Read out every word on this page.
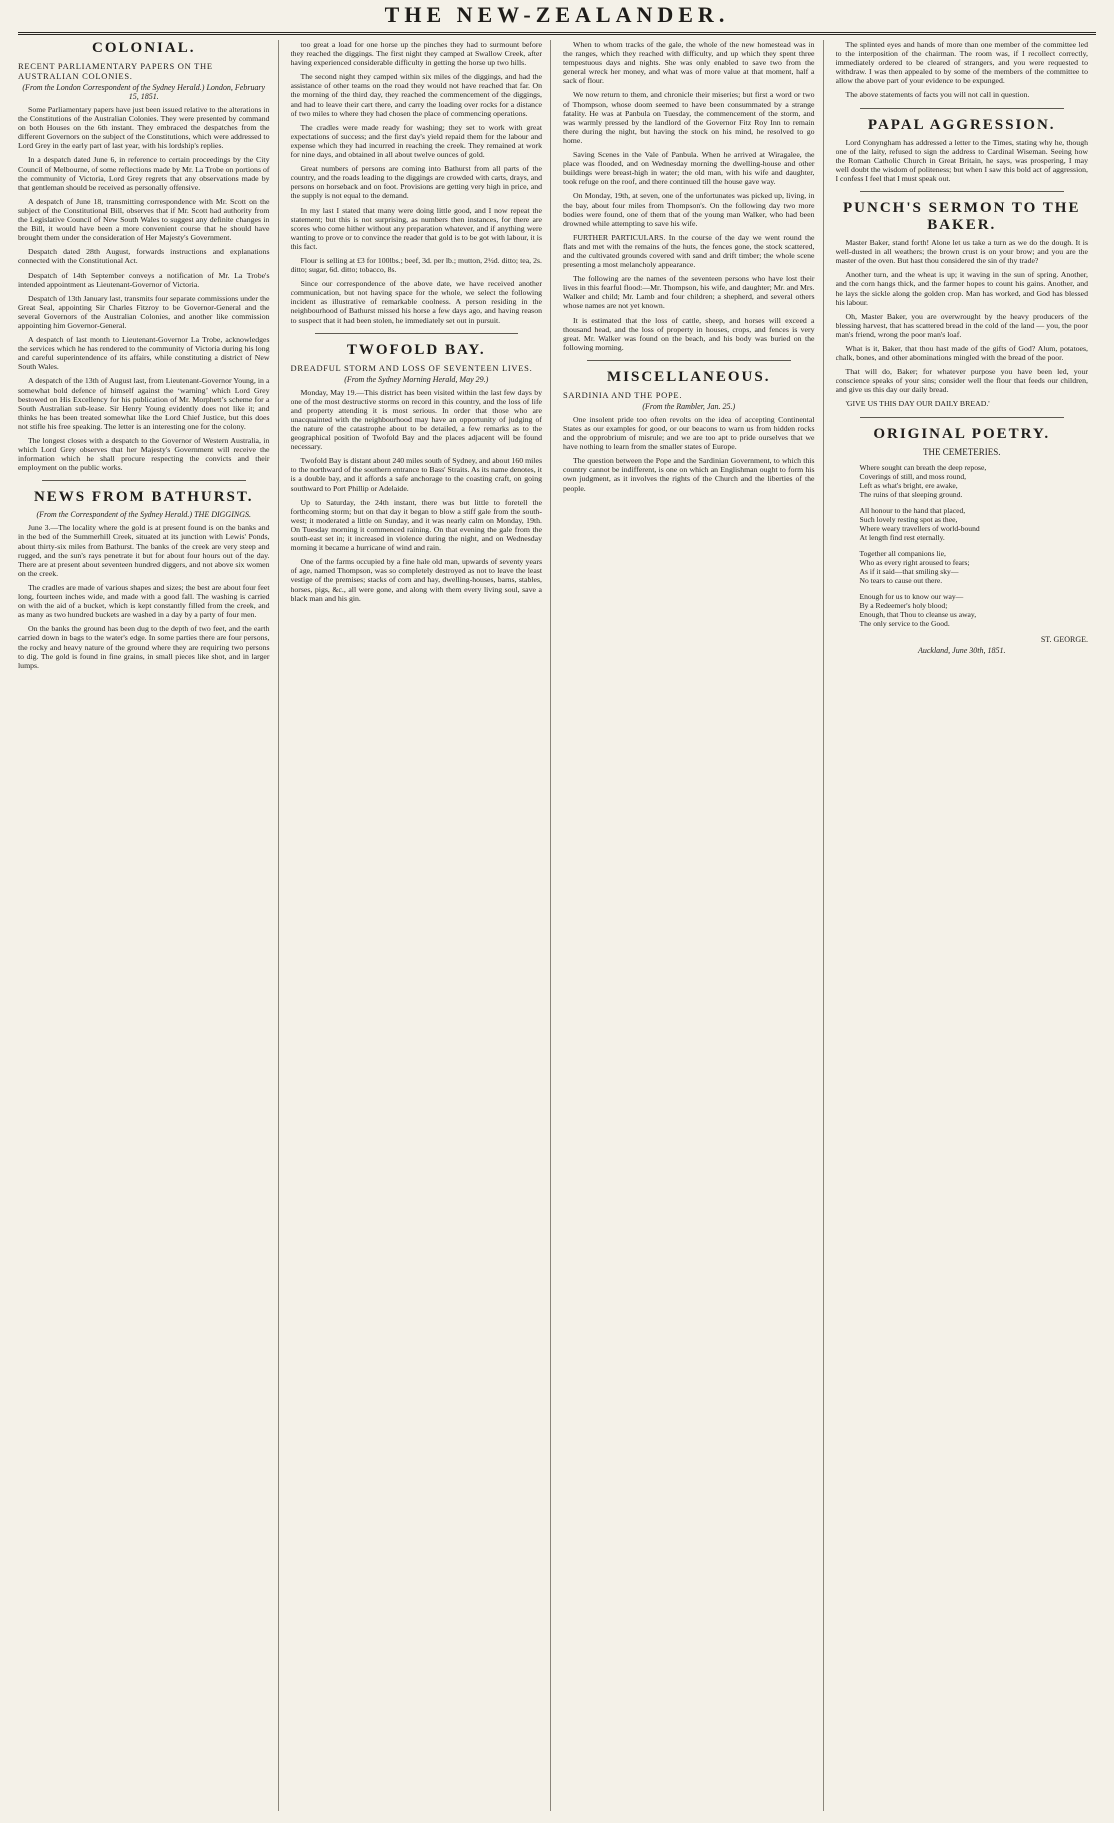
THE NEW-ZEALANDER.
COLONIAL.
RECENT PARLIAMENTARY PAPERS ON THE AUSTRALIAN COLONIES.
(From the London Correspondent of the Sydney Herald.) London, February 15, 1851.

Some Parliamentary papers have just been issued relative to the alterations in the Constitutions of the Australian Colonies. They were presented by command on both Houses on the 6th instant. They embraced the despatches from the different Governors on the subject of the Constitutions, which were addressed to Lord Grey in the early part of last year, with his lordship's replies.

In a despatch dated June 6, in reference to certain proceedings by the City Council of Melbourne, of some reflections made by Mr. La Trobe on portions of the community of Victoria, Lord Grey regrets that any observations made by that gentleman should be received as personally offensive.

A despatch of June 18, transmitting correspondence with Mr. Scott on the subject of the Constitutional Bill, observes that if Mr. Scott had authority from the Legislative Council of New South Wales to suggest any definite changes in the Bill, it would have been a more convenient course that he should have brought them under the consideration of Her Majesty's Government.

Despatch dated 28th August, forwards instructions and explanations connected with the Constitutional Act.

Despatch of 14th September conveys a notification of Mr. La Trobe's intended appointment as Lieutenant-Governor of Victoria.

Despatch of 13th January last, transmits four separate commissions under the Great Seal, appointing Sir Charles Fitzroy to be Governor-General and the several Governors of the Australian Colonies, and another like commission appointing him Governor-General.

A despatch of last month to Lieutenant-Governor La Trobe, acknowledges the services which he has rendered to the community of Victoria during his long and careful superintendence of its affairs, while constituting a district of New South Wales.

A despatch of the 13th of August last, from Lieutenant-Governor Young, in a somewhat bold defence of himself against the ‘warning’ which Lord Grey bestowed on His Excellency for his publication of Mr. Morphett’s scheme for a South Australian sub-lease. Sir Henry Young evidently does not like it; and thinks he has been treated somewhat like the Lord Chief Justice, but this does not stifle his free speaking. The letter is an interesting one for the colony.

The longest closes with a despatch to the Governor of Western Australia, in which Lord Grey observes that her Majesty's Government will receive the information which he shall procure respecting the convicts and their employment on the public works.

NEWS FROM BATHURST.
(From the Correspondent of the Sydney Herald.) THE DIGGINGS.

June 3.—The locality where the gold is at present found is on the banks and in the bed of the Summerhill Creek, situated at its junction with Lewis' Ponds, about thirty-six miles from Bathurst. The banks of the creek are very steep and rugged, and the sun's rays penetrate it but for about four hours out of the day. There are at present about seventeen hundred diggers, and not above six women on the creek.

The cradles are made of various shapes and sizes; the best are about four feet long, fourteen inches wide, and made with a good fall. The washing is carried on with the aid of a bucket, which is kept constantly filled from the creek, and as many as two hundred buckets are washed in a day by a party of four men.

On the banks the ground has been dug to the depth of two feet, and the earth carried down in bags to the water's edge. In some parties there are four persons, the rocky and heavy nature of the ground where they are requiring two persons to dig. The gold is found in fine grains, in small pieces like shot, and in larger lumps.

too great a load for one horse up the pinches they had to surmount before they reached the diggings. The first night they camped at Swallow Creek, after having experienced considerable difficulty in getting the horse up two hills.

The second night they camped within six miles of the diggings, and had the assistance of other teams on the road they would not have reached that far. On the morning of the third day, they reached the commencement of the diggings, and had to leave their cart there, and carry the loading over rocks for a distance of two miles to where they had chosen the place of commencing operations.

The cradles were made ready for washing; they set to work with great expectations of success; and the first day's yield repaid them for the labour and expense which they had incurred in reaching the creek. They remained at work for nine days, and obtained in all about twelve ounces of gold.

Great numbers of persons are coming into Bathurst from all parts of the country, and the roads leading to the diggings are crowded with carts, drays, and persons on horseback and on foot. Provisions are getting very high in price, and the supply is not equal to the demand.

In my last I stated that many were doing little good, and I now repeat the statement; but this is not surprising, as numbers then instances, for there are scores who come hither without any preparation whatever, and if anything were wanting to prove or to convince the reader that gold is to be got with labour, it is this fact.

Flour is selling at £3 for 100lbs.; beef, 3d. per lb.; mutton, 2½d. ditto; tea, 2s. ditto; sugar, 6d. ditto; tobacco, 8s.

Since our correspondence of the above date, we have received another communication, but not having space for the whole, we select the following incident as illustrative of remarkable coolness. A person residing in the neighbourhood of Bathurst missed his horse a few days ago, and having reason to suspect that it had been stolen, he immediately set out in pursuit.

TWOFOLD BAY.
DREADFUL STORM AND LOSS OF SEVENTEEN LIVES.
(From the Sydney Morning Herald, May 29.)

Monday, May 19.—This district has been visited within the last few days by one of the most destructive storms on record in this country, and the loss of life and property attending it is most serious. In order that those who are unacquainted with the neighbourhood may have an opportunity of judging of the nature of the catastrophe about to be detailed, a few remarks as to the geographical position of Twofold Bay and the places adjacent will be found necessary.

Twofold Bay is distant about 240 miles south of Sydney, and about 160 miles to the northward of the southern entrance to Bass' Straits. As its name denotes, it is a double bay, and it affords a safe anchorage to the coasting craft, on going southward to Port Phillip or Adelaide.

Up to Saturday, the 24th instant, there was but little to foretell the forthcoming storm; but on that day it began to blow a stiff gale from the south-west; it moderated a little on Sunday, and it was nearly calm on Monday, 19th. On Tuesday morning it commenced raining. On that evening the gale from the south-east set in; it increased in violence during the night, and on Wednesday morning it became a hurricane of wind and rain.

One of the farms occupied by a fine hale old man, upwards of seventy years of age, named Thompson, was so completely destroyed as not to leave the least vestige of the premises; stacks of corn and hay, dwelling-houses, barns, stables, horses, pigs, &c., all were gone, and along with them every living soul, save a black man and his gin.

When to whom tracks of the gale, the whole of the new homestead was in the ranges, which they reached with difficulty, and up which they spent three tempestuous days and nights. She was only enabled to save two from the general wreck her money, and what was of more value at that moment, half a sack of flour.

We now return to them, and chronicle their miseries; but first a word or two of Thompson, whose doom seemed to have been consummated by a strange fatality. He was at Panbula on Tuesday, the commencement of the storm, and was warmly pressed by the landlord of the Governor Fitz Roy Inn to remain there during the night, but having the stock on his mind, he resolved to go home.

Saving Scenes in the Vale of Panbula. When he arrived at Wiragalee, the place was flooded, and on Wednesday morning the dwelling-house and other buildings were breast-high in water; the old man, with his wife and daughter, took refuge on the roof, and there continued till the house gave way.

On Monday, 19th, at seven, one of the unfortunates was picked up, living, in the bay, about four miles from Thompson's. On the following day two more bodies were found, one of them that of the young man Walker, who had been drowned while attempting to save his wife.

FURTHER PARTICULARS. In the course of the day we went round the flats and met with the remains of the huts, the fences gone, the stock scattered, and the cultivated grounds covered with sand and drift timber; the whole scene presenting a most melancholy appearance.

The following are the names of the seventeen persons who have lost their lives in this fearful flood:—Mr. Thompson, his wife, and daughter; Mr. and Mrs. Walker and child; Mr. Lamb and four children; a shepherd, and several others whose names are not yet known.

It is estimated that the loss of cattle, sheep, and horses will exceed a thousand head, and the loss of property in houses, crops, and fences is very great. Mr. Walker was found on the beach, and his body was buried on the following morning.

MISCELLANEOUS.
SARDINIA AND THE POPE.
(From the Rambler, Jan. 25.)

One insolent pride too often revolts on the idea of accepting Continental States as our examples for good, or our beacons to warn us from hidden rocks and the opprobrium of misrule; and we are too apt to pride ourselves that we have nothing to learn from the smaller states of Europe.

The question between the Pope and the Sardinian Government, to which this country cannot be indifferent, is one on which an Englishman ought to form his own judgment, as it involves the rights of the Church and the liberties of the people.

The splinted eyes and hands of more than one member of the committee led to the interposition of the chairman. The room was, if I recollect correctly, immediately ordered to be cleared of strangers, and you were requested to withdraw. I was then appealed to by some of the members of the committee to allow the above part of your evidence to be expunged.

The above statements of facts you will not call in question.

PAPAL AGGRESSION.

Lord Conyngham has addressed a letter to the Times, stating why he, though one of the laity, refused to sign the address to Cardinal Wiseman. Seeing how the Roman Catholic Church in Great Britain, he says, was prospering, I may well doubt the wisdom of politeness; but when I saw this bold act of aggression, I confess I feel that I must speak out.

PUNCH'S SERMON TO THE BAKER.

Master Baker, stand forth! Alone let us take a turn as we do the dough. It is well-dusted in all weathers; the brown crust is on your brow; and you are the master of the oven. But hast thou considered the sin of thy trade?

Another turn, and the wheat is up; it waving in the sun of spring. Another, and the corn hangs thick, and the farmer hopes to count his gains. Another, and he lays the sickle along the golden crop. Man has worked, and God has blessed his labour.

Oh, Master Baker, you are overwrought by the heavy producers of the blessing harvest, that has scattered bread in the cold of the land — you, the poor man's friend, wrong the poor man's loaf.

What is it, Baker, that thou hast made of the gifts of God? Alum, potatoes, chalk, bones, and other abominations mingled with the bread of the poor.

That will do, Baker; for whatever purpose you have been led, your conscience speaks of your sins; consider well the flour that feeds our children, and give us this day our daily bread.

'GIVE US THIS DAY OUR DAILY BREAD.'

ORIGINAL POETRY.
THE CEMETERIES.
Where sought can breath the deep repose,
Coverings of still, and moss round,
Left as what's bright, ere awake,
The ruins of that sleeping ground.
All honour to the hand that placed,
Such lovely resting spot as thee,
Where weary travellers of world-bound
At length find rest eternally.
Together all companions lie,
Who as every right aroused to fears;
As if it said—that smiling sky—
No tears to cause out there.
Enough for us to know our way—
By a Redeemer's holy blood;
Enough, that Thou to cleanse us away,
The only service to the Good.
ST. GEORGE.
Auckland, June 30th, 1851.
